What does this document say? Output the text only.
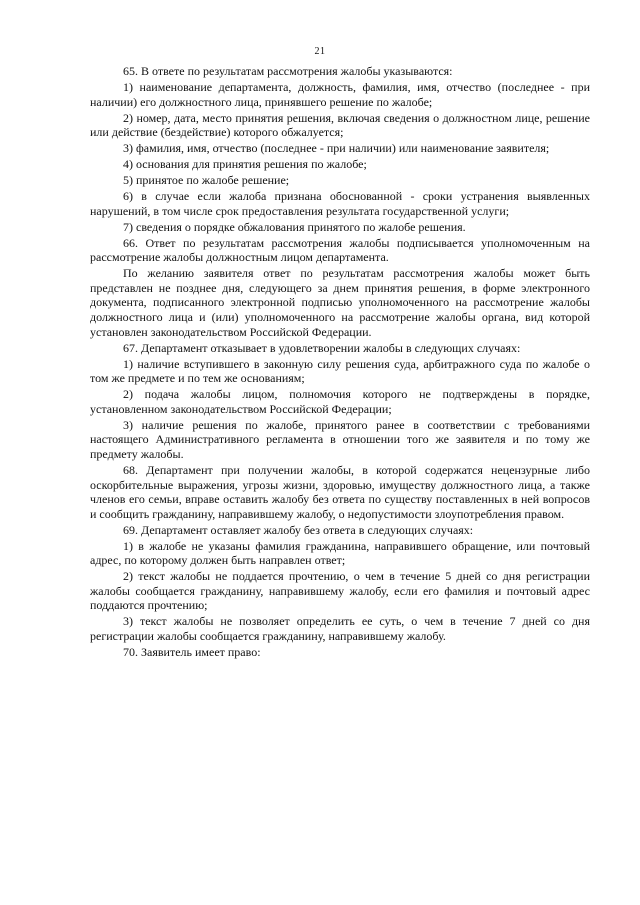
21

65. В ответе по результатам рассмотрения жалобы указываются:

1) наименование департамента, должность, фамилия, имя, отчество (последнее - при наличии) его должностного лица, принявшего решение по жалобе;

2) номер, дата, место принятия решения, включая сведения о должностном лице, решение или действие (бездействие) которого обжалуется;

3) фамилия, имя, отчество (последнее - при наличии) или наименование заявителя;

4) основания для принятия решения по жалобе;

5) принятое по жалобе решение;

6) в случае если жалоба признана обоснованной - сроки устранения выявленных нарушений, в том числе срок предоставления результата государственной услуги;

7) сведения о порядке обжалования принятого по жалобе решения.

66. Ответ по результатам рассмотрения жалобы подписывается уполномоченным на рассмотрение жалобы должностным лицом департамента.

По желанию заявителя ответ по результатам рассмотрения жалобы может быть представлен не позднее дня, следующего за днем принятия решения, в форме электронного документа, подписанного электронной подписью уполномоченного на рассмотрение жалобы должностного лица и (или) уполномоченного на рассмотрение жалобы органа, вид которой установлен законодательством Российской Федерации.

67. Департамент отказывает в удовлетворении жалобы в следующих случаях:

1) наличие вступившего в законную силу решения суда, арбитражного суда по жалобе о том же предмете и по тем же основаниям;

2) подача жалобы лицом, полномочия которого не подтверждены в порядке, установленном законодательством Российской Федерации;

3) наличие решения по жалобе, принятого ранее в соответствии с требованиями настоящего Административного регламента в отношении того же заявителя и по тому же предмету жалобы.

68. Департамент при получении жалобы, в которой содержатся нецензурные либо оскорбительные выражения, угрозы жизни, здоровью, имуществу должностного лица, а также членов его семьи, вправе оставить жалобу без ответа по существу поставленных в ней вопросов и сообщить гражданину, направившему жалобу, о недопустимости злоупотребления правом.

69. Департамент оставляет жалобу без ответа в следующих случаях:

1) в жалобе не указаны фамилия гражданина, направившего обращение, или почтовый адрес, по которому должен быть направлен ответ;

2) текст жалобы не поддается прочтению, о чем в течение 5 дней со дня регистрации жалобы сообщается гражданину, направившему жалобу, если его фамилия и почтовый адрес поддаются прочтению;

3) текст жалобы не позволяет определить ее суть, о чем в течение 7 дней со дня регистрации жалобы сообщается гражданину, направившему жалобу.

70. Заявитель имеет право:
